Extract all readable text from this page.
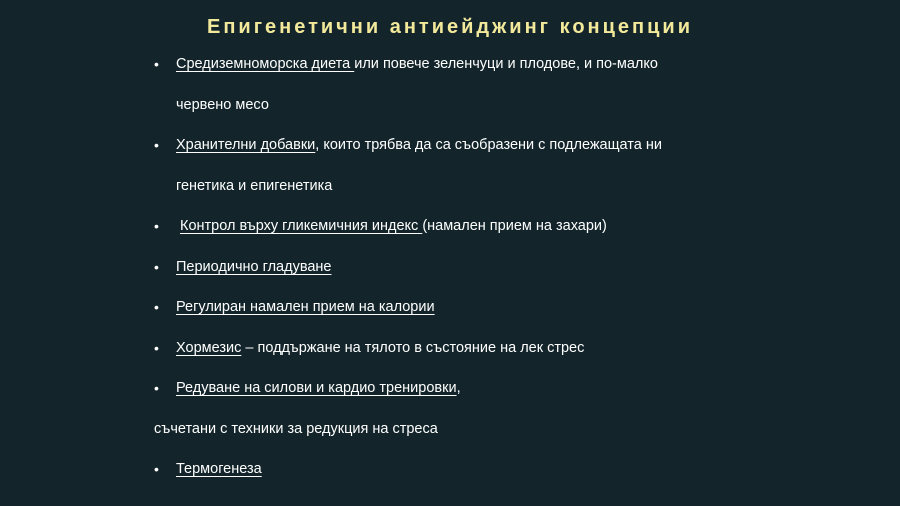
Епигенетични антиейджинг концепции
• Средиземноморска диета или повече зеленчуци и плодове, и по-малко
червено месо
• Хранителни добавки, които трябва да са съобразени с подлежащата ни
генетика и епигенетика
• Контрол върху гликемичния индекс (намален прием на захари)
• Периодично гладуване
• Регулиран намален прием на калории
• Хормезис – поддържане на тялото в състояние на лек стрес
• Редуване на силови и кардио тренировки,
съчетани с техники за редукция на стреса
• Термогенеза
